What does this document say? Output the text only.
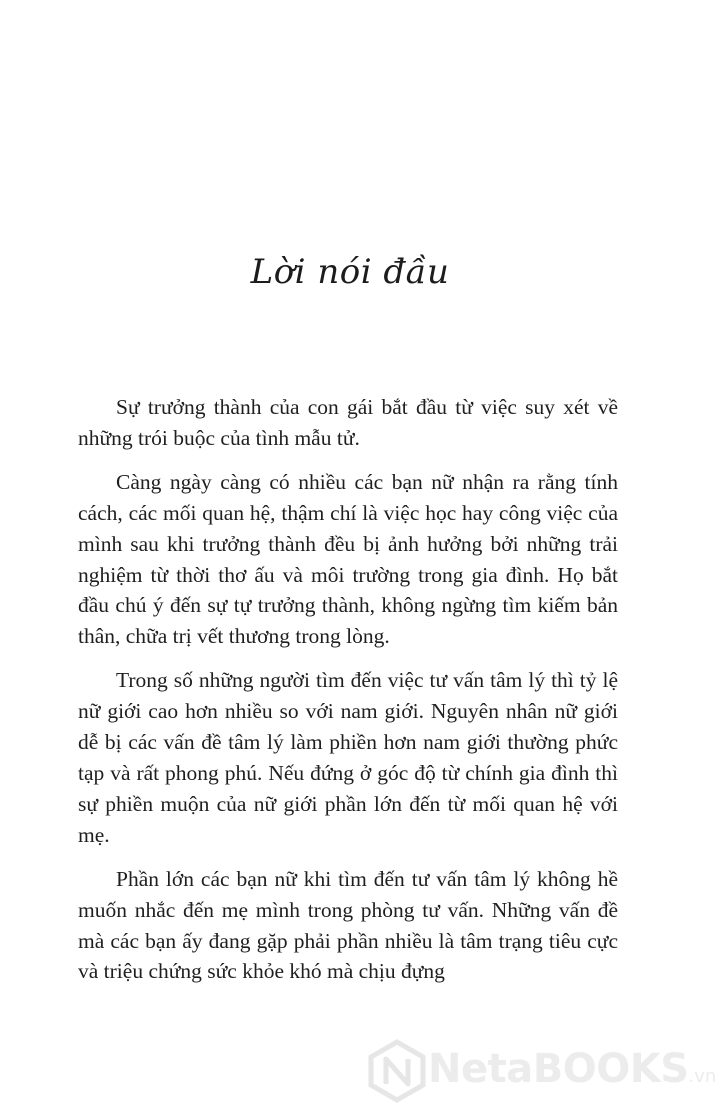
Lời nói đầu

Sự trưởng thành của con gái bắt đầu từ việc suy xét về những trói buộc của tình mẫu tử.

Càng ngày càng có nhiều các bạn nữ nhận ra rằng tính cách, các mối quan hệ, thậm chí là việc học hay công việc của mình sau khi trưởng thành đều bị ảnh hưởng bởi những trải nghiệm từ thời thơ ấu và môi trường trong gia đình. Họ bắt đầu chú ý đến sự tự trưởng thành, không ngừng tìm kiếm bản thân, chữa trị vết thương trong lòng.

Trong số những người tìm đến việc tư vấn tâm lý thì tỷ lệ nữ giới cao hơn nhiều so với nam giới. Nguyên nhân nữ giới dễ bị các vấn đề tâm lý làm phiền hơn nam giới thường phức tạp và rất phong phú. Nếu đứng ở góc độ từ chính gia đình thì sự phiền muộn của nữ giới phần lớn đến từ mối quan hệ với mẹ.

Phần lớn các bạn nữ khi tìm đến tư vấn tâm lý không hề muốn nhắc đến mẹ mình trong phòng tư vấn. Những vấn đề mà các bạn ấy đang gặp phải phần nhiều là tâm trạng tiêu cực và triệu chứng sức khỏe khó mà chịu đựng

NetaBOOKS.vn
